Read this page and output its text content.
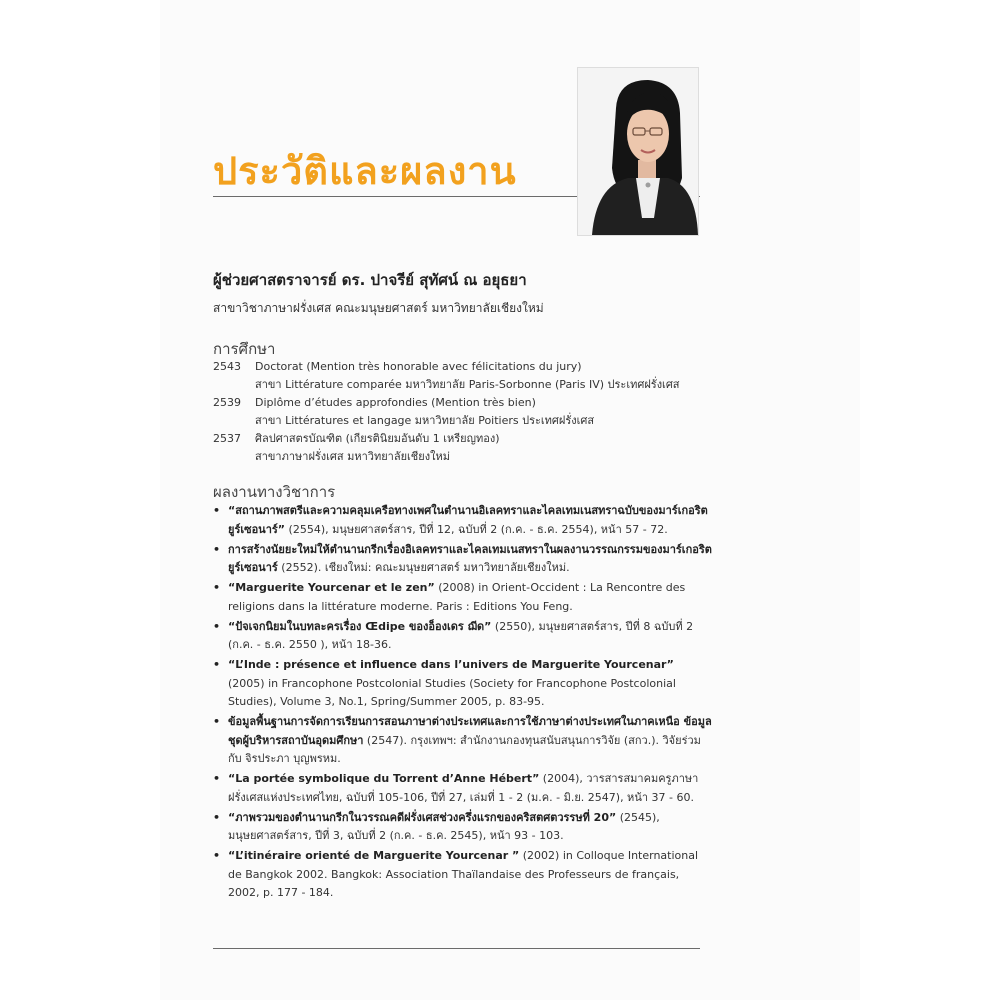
ประวัติและผลงาน
ผู้ช่วยศาสตราจารย์ ดร. ปาจรีย์ สุทัศน์ ณ อยุธยา

สาขาวิชาภาษาฝรั่งเศส คณะมนุษยศาสตร์ มหาวิทยาลัยเชียงใหม่

การศึกษา
2543	Doctorat (Mention très honorable avec félicitations du jury)
สาขา Littérature comparée มหาวิทยาลัย Paris-Sorbonne (Paris IV) ประเทศฝรั่งเศส
2539	Diplôme d’études approfondies (Mention très bien)
สาขา Littératures et langage มหาวิทยาลัย Poitiers ประเทศฝรั่งเศส
2537	ศิลปศาสตรบัณฑิต (เกียรตินิยมอันดับ 1 เหรียญทอง)
สาขาภาษาฝรั่งเศส มหาวิทยาลัยเชียงใหม่
ผลงานทางวิชาการ
• “สถานภาพสตรีและความคลุมเครือทางเพศในตำนานอิเลคทราและไคลเทมเนสทราฉบับของมาร์เกอริต ยูร์เซอนาร์” (2554), มนุษยศาสตร์สาร, ปีที่ 12, ฉบับที่ 2 (ก.ค. - ธ.ค. 2554), หน้า 57 - 72.
• การสร้างนัยยะใหม่ให้ตำนานกรีกเรื่องอิเลคทราและไคลเทมเนสทราในผลงานวรรณกรรมของมาร์เกอริต ยูร์เซอนาร์ (2552). เชียงใหม่: คณะมนุษยศาสตร์ มหาวิทยาลัยเชียงใหม่.
• “Marguerite Yourcenar et le zen” (2008) in Orient-Occident : La Rencontre des religions dans la littérature moderne. Paris : Editions You Feng.
• “ปัจเจกนิยมในบทละครเรื่อง Œdipe ของอ็องเดร ฌีด” (2550), มนุษยศาสตร์สาร, ปีที่ 8 ฉบับที่ 2 (ก.ค. - ธ.ค. 2550 ), หน้า 18-36.
• “L’Inde : présence et influence dans l’univers de Marguerite Yourcenar” (2005) in Francophone Postcolonial Studies (Society for Francophone Postcolonial Studies), Volume 3, No.1, Spring/Summer 2005, p. 83-95.
• ข้อมูลพื้นฐานการจัดการเรียนการสอนภาษาต่างประเทศและการใช้ภาษาต่างประเทศในภาคเหนือ ข้อมูลชุดผู้บริหารสถาบันอุดมศึกษา (2547). กรุงเทพฯ: สำนักงานกองทุนสนับสนุนการวิจัย (สกว.). วิจัยร่วมกับ จิรประภา บุญพรหม.
• “La portée symbolique du Torrent d’Anne Hébert” (2004), วารสารสมาคมครูภาษาฝรั่งเศสแห่งประเทศไทย, ฉบับที่ 105-106, ปีที่ 27, เล่มที่ 1 - 2 (ม.ค. - มิ.ย. 2547), หน้า 37 - 60.
• “ภาพรวมของตำนานกรีกในวรรณคดีฝรั่งเศสช่วงครึ่งแรกของคริสตศตวรรษที่ 20” (2545), มนุษยศาสตร์สาร, ปีที่ 3, ฉบับที่ 2 (ก.ค. - ธ.ค. 2545), หน้า 93 - 103.
• “L’itinéraire orienté de Marguerite Yourcenar ” (2002) in Colloque International de Bangkok 2002. Bangkok: Association Thaïlandaise des Professeurs de français, 2002, p. 177 - 184.
